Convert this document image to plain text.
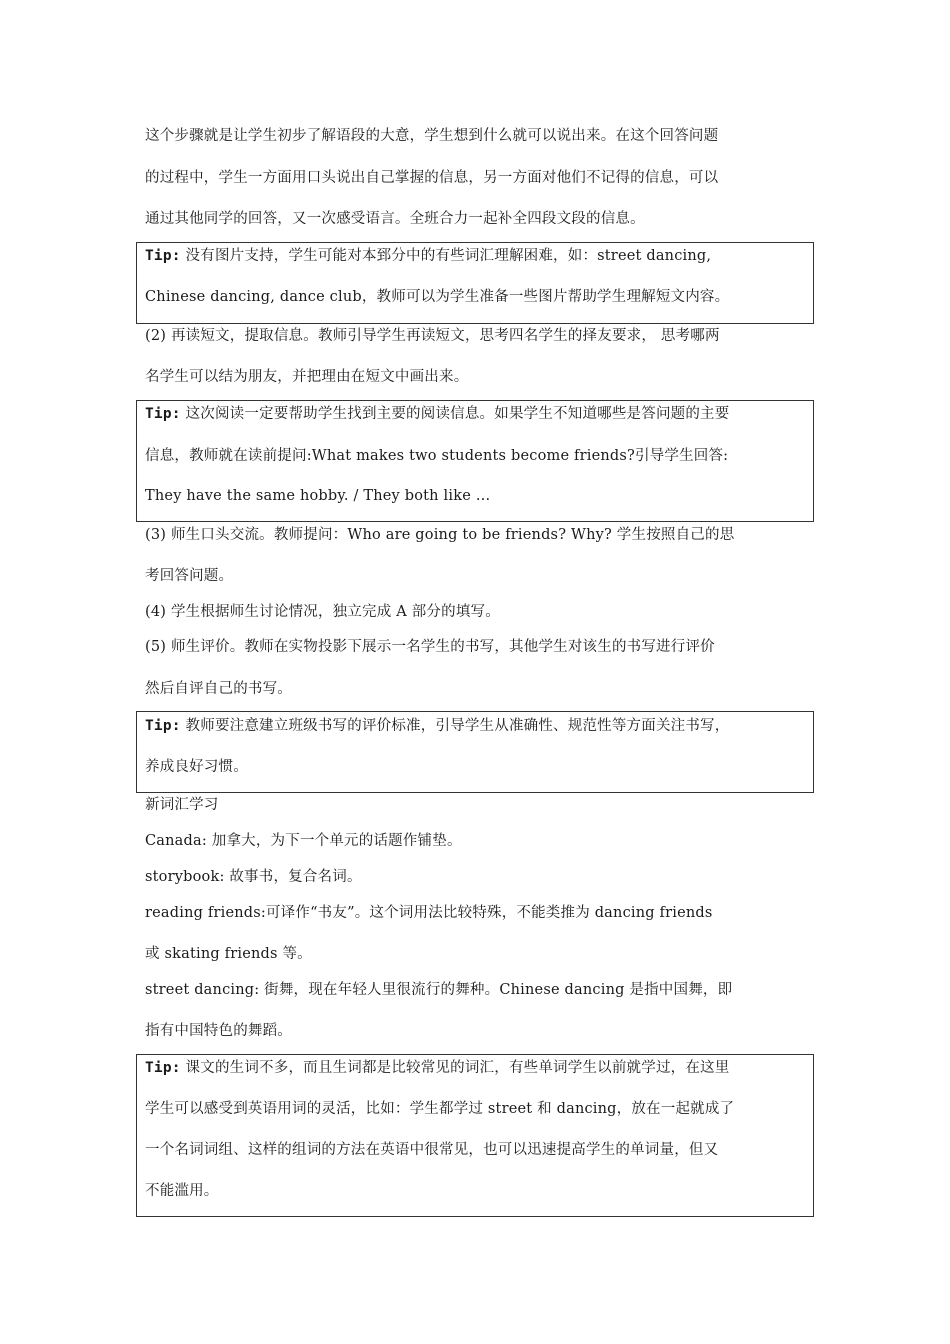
这个步骤就是让学生初步了解语段的大意，学生想到什么就可以说出来。在这个回答问题
的过程中，学生一方面用口头说出自己掌握的信息，另一方面对他们不记得的信息，可以
通过其他同学的回答，又一次感受语言。全班合力一起补全四段文段的信息。
Tip: 没有图片支持，学生可能对本郅分中的有些词汇理解困难，如：street dancing,
Chinese dancing, dance club，教师可以为学生准备一些图片帮助学生理解短文内容。
(2) 再读短文，提取信息。教师引导学生再读短文，思考四名学生的择友要求， 思考哪两
名学生可以结为朋友，并把理由在短文中画出来。
Tip: 这次阅读一定要帮助学生找到主要的阅读信息。如果学生不知道哪些是答问题的主要
信息，教师就在读前提问:What makes two students become friends?引导学生回答:
They have the same hobby. / They both like …
(3) 师生口头交流。教师提问：Who are going to be friends? Why? 学生按照自己的思
考回答问题。
(4) 学生根据师生讨论情况，独立完成 A 部分的填写。
(5) 师生评价。教师在实物投影下展示一名学生的书写，其他学生对该生的书写进行评价
然后自评自己的书写。
Tip: 教师要注意建立班级书写的评价标准，引导学生从准确性、规范性等方面关注书写，
养成良好习惯。
新词汇学习
Canada: 加拿大，为下一个单元的话题作铺垫。
storybook: 故事书，复合名词。
reading friends:可译作“书友”。这个词用法比较特殊，不能类推为 dancing friends
或 skating friends 等。
street dancing: 街舞，现在年轻人里很流行的舞种。Chinese dancing 是指中国舞，即
指有中国特色的舞蹈。
Tip: 课文的生词不多，而且生词都是比较常见的词汇，有些单词学生以前就学过，在这里
学生可以感受到英语用词的灵活，比如：学生都学过 street 和 dancing，放在一起就成了
一个名词词组、这样的组词的方法在英语中很常见，也可以迅速提高学生的单词量，但又
不能滥用。
